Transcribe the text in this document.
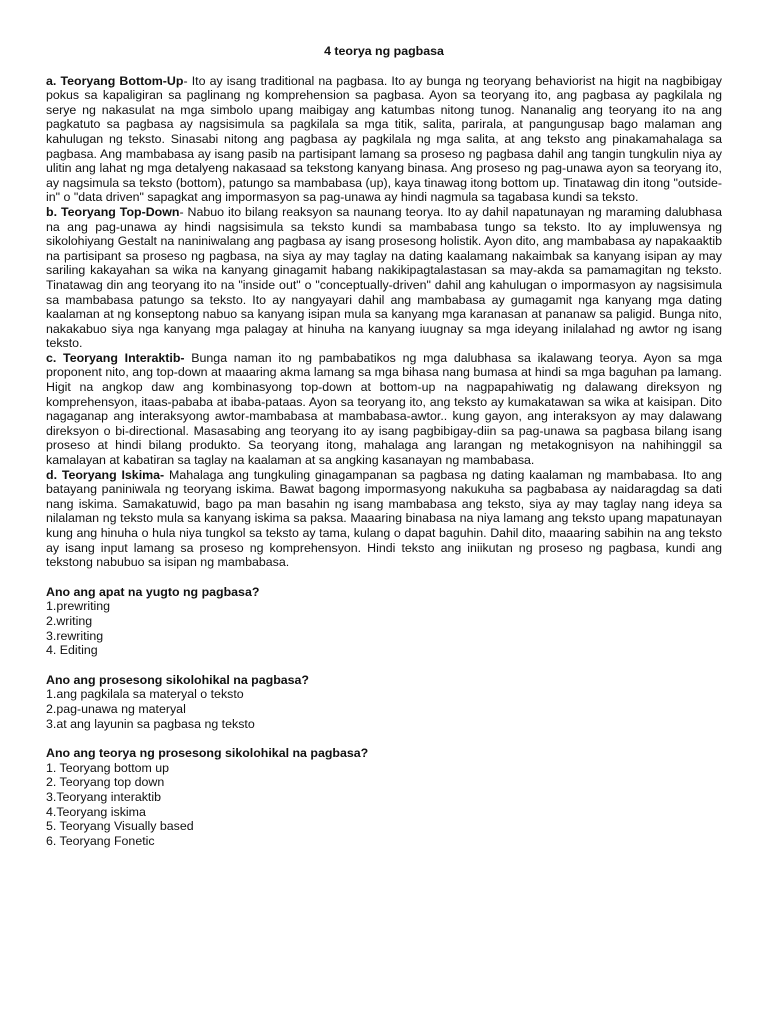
4 teorya ng pagbasa

a. Teoryang Bottom-Up- Ito ay isang traditional na pagbasa. Ito ay bunga ng teoryang behaviorist na higit na nagbibigay pokus sa kapaligiran sa paglinang ng komprehension sa pagbasa. Ayon sa teoryang ito, ang pagbasa ay pagkilala ng serye ng nakasulat na mga simbolo upang maibigay ang katumbas nitong tunog. Nananalig ang teoryang ito na ang pagkatuto sa pagbasa ay nagsisimula sa pagkilala sa mga titik, salita, parirala, at pangungusap bago malaman ang kahulugan ng teksto. Sinasabi nitong ang pagbasa ay pagkilala ng mga salita, at ang teksto ang pinakamahalaga sa pagbasa. Ang mambabasa ay isang pasib na partisipant lamang sa proseso ng pagbasa dahil ang tangin tungkulin niya ay ulitin ang lahat ng mga detalyeng nakasaad sa tekstong kanyang binasa. Ang proseso ng pag-unawa ayon sa teoryang ito, ay nagsimula sa teksto (bottom), patungo sa mambabasa (up), kaya tinawag itong bottom up. Tinatawag din itong "outside-in" o "data driven" sapagkat ang impormasyon sa pag-unawa ay hindi nagmula sa tagabasa kundi sa teksto.

b. Teoryang Top-Down- Nabuo ito bilang reaksyon sa naunang teorya. Ito ay dahil napatunayan ng maraming dalubhasa na ang pag-unawa ay hindi nagsisimula sa teksto kundi sa mambabasa tungo sa teksto. Ito ay impluwensya ng sikolohiyang Gestalt na naniniwalang ang pagbasa ay isang prosesong holistik. Ayon dito, ang mambabasa ay napakaaktib na partisipant sa proseso ng pagbasa, na siya ay may taglay na dating kaalamang nakaimbak sa kanyang isipan ay may sariling kakayahan sa wika na kanyang ginagamit habang nakikipagtalastasan sa may-akda sa pamamagitan ng teksto. Tinatawag din ang teoryang ito na "inside out" o "conceptually-driven" dahil ang kahulugan o impormasyon ay nagsisimula sa mambabasa patungo sa teksto. Ito ay nangyayari dahil ang mambabasa ay gumagamit nga kanyang mga dating kaalaman at ng konseptong nabuo sa kanyang isipan mula sa kanyang mga karanasan at pananaw sa paligid. Bunga nito, nakakabuo siya nga kanyang mga palagay at hinuha na kanyang iuugnay sa mga ideyang inilalahad ng awtor ng isang teksto.

c. Teoryang Interaktib- Bunga naman ito ng pambabatikos ng mga dalubhasa sa ikalawang teorya. Ayon sa mga proponent nito, ang top-down at maaaring akma lamang sa mga bihasa nang bumasa at hindi sa mga baguhan pa lamang. Higit na angkop daw ang kombinasyong top-down at bottom-up na nagpapahiwatig ng dalawang direksyon ng komprehensyon, itaas-pababa at ibaba-pataas. Ayon sa teoryang ito, ang teksto ay kumakatawan sa wika at kaisipan. Dito nagaganap ang interaksyong awtor-mambabasa at mambabasa-awtor.. kung gayon, ang interaksyon ay may dalawang direksyon o bi-directional. Masasabing ang teoryang ito ay isang pagbibigay-diin sa pag-unawa sa pagbasa bilang isang proseso at hindi bilang produkto. Sa teoryang itong, mahalaga ang larangan ng metakognisyon na nahihinggil sa kamalayan at kabatiran sa taglay na kaalaman at sa angking kasanayan ng mambabasa.

d. Teoryang Iskima- Mahalaga ang tungkuling ginagampanan sa pagbasa ng dating kaalaman ng mambabasa. Ito ang batayang paniniwala ng teoryang iskima. Bawat bagong impormasyong nakukuha sa pagbabasa ay naidaragdag sa dati nang iskima. Samakatuwid, bago pa man basahin ng isang mambabasa ang teksto, siya ay may taglay nang ideya sa nilalaman ng teksto mula sa kanyang iskima sa paksa. Maaaring binabasa na niya lamang ang teksto upang mapatunayan kung ang hinuha o hula niya tungkol sa teksto ay tama, kulang o dapat baguhin. Dahil dito, maaaring sabihin na ang teksto ay isang input lamang sa proseso ng komprehensyon. Hindi teksto ang iniikutan ng proseso ng pagbasa, kundi ang tekstong nabubuo sa isipan ng mambabasa.

Ano ang apat na yugto ng pagbasa?

1.prewriting

2.writing

3.rewriting

4. Editing

Ano ang prosesong sikolohikal na pagbasa?

1.ang pagkilala sa materyal o teksto

2.pag-unawa ng materyal

3.at ang layunin sa pagbasa ng teksto

Ano ang teorya ng prosesong sikolohikal na pagbasa?

1. Teoryang bottom up

2. Teoryang top down

3.Teoryang interaktib

4.Teoryang iskima

5. Teoryang Visually based

6. Teoryang Fonetic
